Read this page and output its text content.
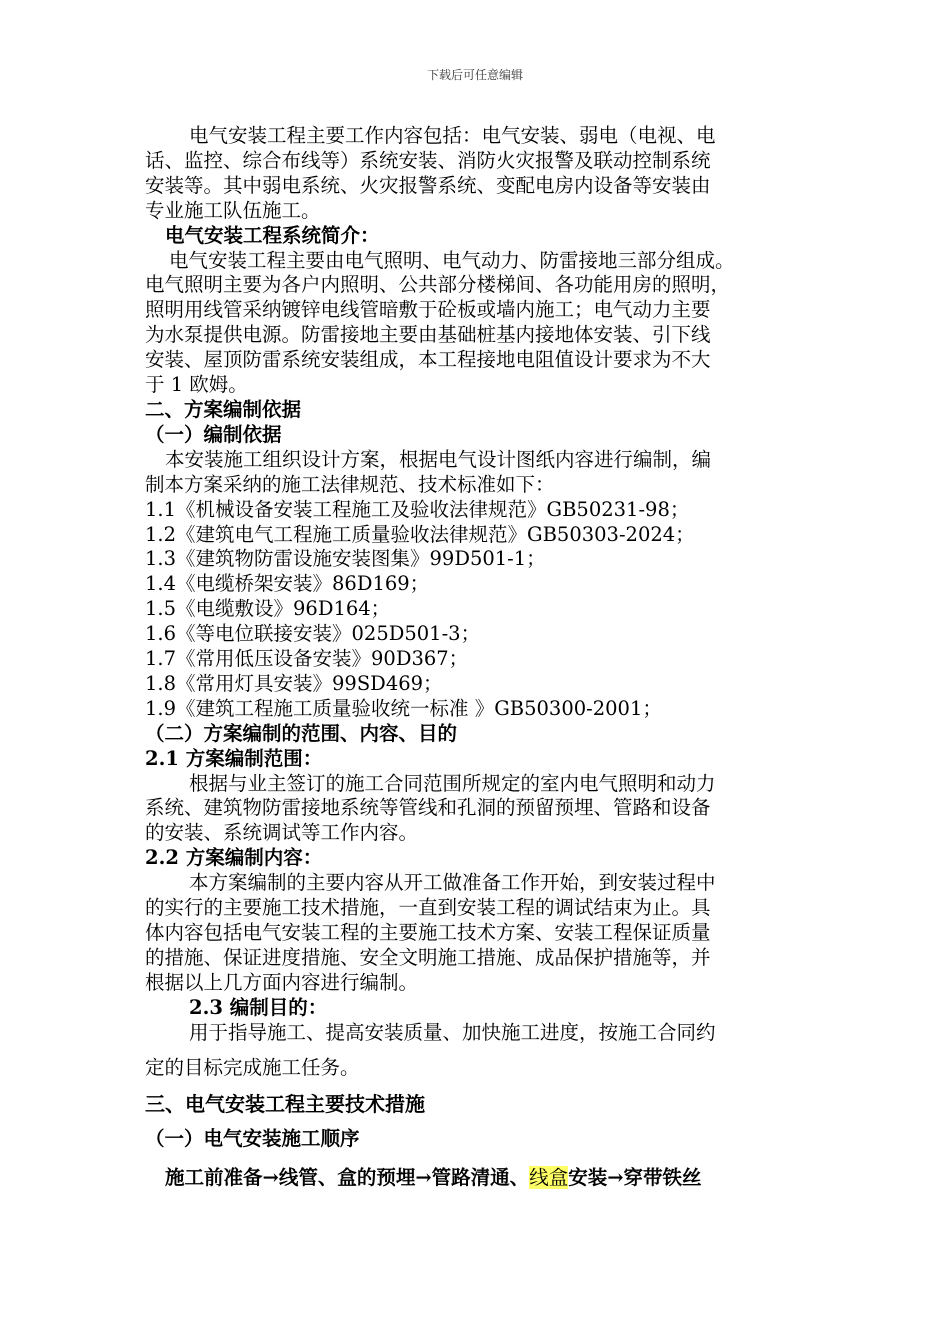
下载后可任意编辑
电气安装工程主要工作内容包括：电气安装、弱电（电视、电
话、监控、综合布线等）系统安装、消防火灾报警及联动控制系统
安装等。其中弱电系统、火灾报警系统、变配电房内设备等安装由
专业施工队伍施工。
电气安装工程系统简介：
电气安装工程主要由电气照明、电气动力、防雷接地三部分组成。
电气照明主要为各户内照明、公共部分楼梯间、各功能用房的照明，
照明用线管采纳镀锌电线管暗敷于砼板或墙内施工；电气动力主要
为水泵提供电源。防雷接地主要由基础桩基内接地体安装、引下线
安装、屋顶防雷系统安装组成，本工程接地电阻值设计要求为不大
于 1 欧姆。
二、方案编制依据
（一）编制依据
本安装施工组织设计方案，根据电气设计图纸内容进行编制，编
制本方案采纳的施工法律规范、技术标准如下：
1.1《机械设备安装工程施工及验收法律规范》GB50231-98；
1.2《建筑电气工程施工质量验收法律规范》GB50303-2024；
1.3《建筑物防雷设施安装图集》99D501-1；
1.4《电缆桥架安装》86D169；
1.5《电缆敷设》96D164；
1.6《等电位联接安装》025D501-3；
1.7《常用低压设备安装》90D367；
1.8《常用灯具安装》99SD469；
1.9《建筑工程施工质量验收统一标准 》GB50300-2001；
（二）方案编制的范围、内容、目的
2.1 方案编制范围：
根据与业主签订的施工合同范围所规定的室内电气照明和动力
系统、建筑物防雷接地系统等管线和孔洞的预留预埋、管路和设备
的安装、系统调试等工作内容。
2.2 方案编制内容：
本方案编制的主要内容从开工做准备工作开始，到安装过程中
的实行的主要施工技术措施，一直到安装工程的调试结束为止。具
体内容包括电气安装工程的主要施工技术方案、安装工程保证质量
的措施、保证进度措施、安全文明施工措施、成品保护措施等，并
根据以上几方面内容进行编制。
2.3 编制目的：
用于指导施工、提高安装质量、加快施工进度，按施工合同约
定的目标完成施工任务。
三、电气安装工程主要技术措施
（一）电气安装施工顺序
施工前准备→线管、盒的预埋→管路清通、线盒安装→穿带铁丝
